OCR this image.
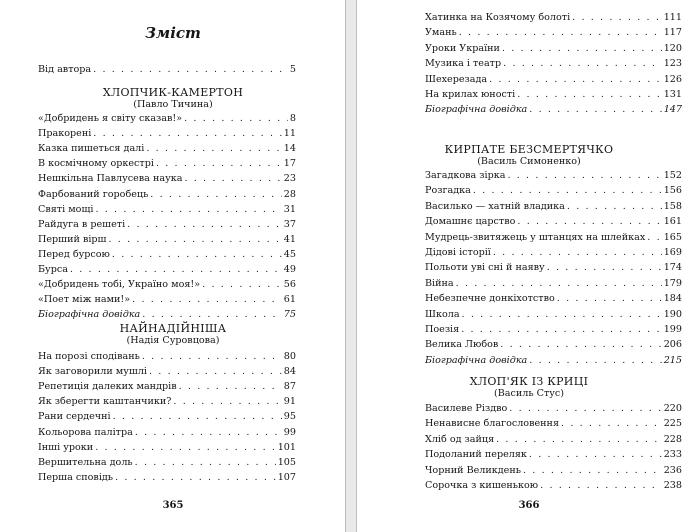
Зміст
Від автора . . .	5
ХЛОПЧИК-КАМЕРТОН
(Павло Тичина)
«Добридень я світу сказав!» . . .	8
Пракорені . . .	11
Казка пишеться далі . . .	14
В космічному оркестрі . . .	17
Нешкільна Павлусева наука . . .	23
Фарбований горобець . . .	28
Святі мощі . . .	31
Райдуга в решеті . . .	37
Перший вірш . . .	41
Перед бурсою . . .	45
Бурса . . .	49
«Добридень тобі, Україно моя!» . . .	56
«Поет між нами!» . . .	61
Біографічна довідка . . .	75
НАЙНАДІЙНІША
(Надія Суровцова)
На порозі сподівань . . .	80
Як заговорили мушлі . . .	84
Репетиція далеких мандрів . . .	87
Як зберегти каштанчики? . . .	91
Рани сердечні . . .	95
Кольорова палітра . . .	99
Інші уроки . . .	101
Вершительна доль . . .	105
Перша сповідь . . .	107
365
Хатинка на Козячому болоті . . .	111
Умань . . .	117
Уроки України . . .	120
Музика і театр . . .	123
Шехерезада . . .	126
На крилах юності . . .	131
Біографічна довідка . . .	147
КИРПАТЕ БЕЗСМЕРТЯЧКО
(Василь Симоненко)
Загадкова зірка . . .	152
Розгадка . . .	156
Василько — хатній владика . . .	158
Домашнє царство . . .	161
Мудрець-звитяжець у штанцях на шлейках . . . 165
Дідові історії . . .	169
Польоти уві сні й наяву . . .	174
Війна . . .	179
Небезпечне донкіхотство . . .	184
Школа . . .	190
Поезія . . .	199
Велика Любов . . .	206
Біографічна довідка . . .	215
ХЛОП'ЯК ІЗ КРИЦІ
(Василь Стус)
Василеве Різдво . . .	220
Ненависне благословення . . .	225
Хліб од зайця . . .	228
Подоланий переляк . . .	233
Чорний Великдень . . .	236
Сорочка з кишенькою . . .	238
366
